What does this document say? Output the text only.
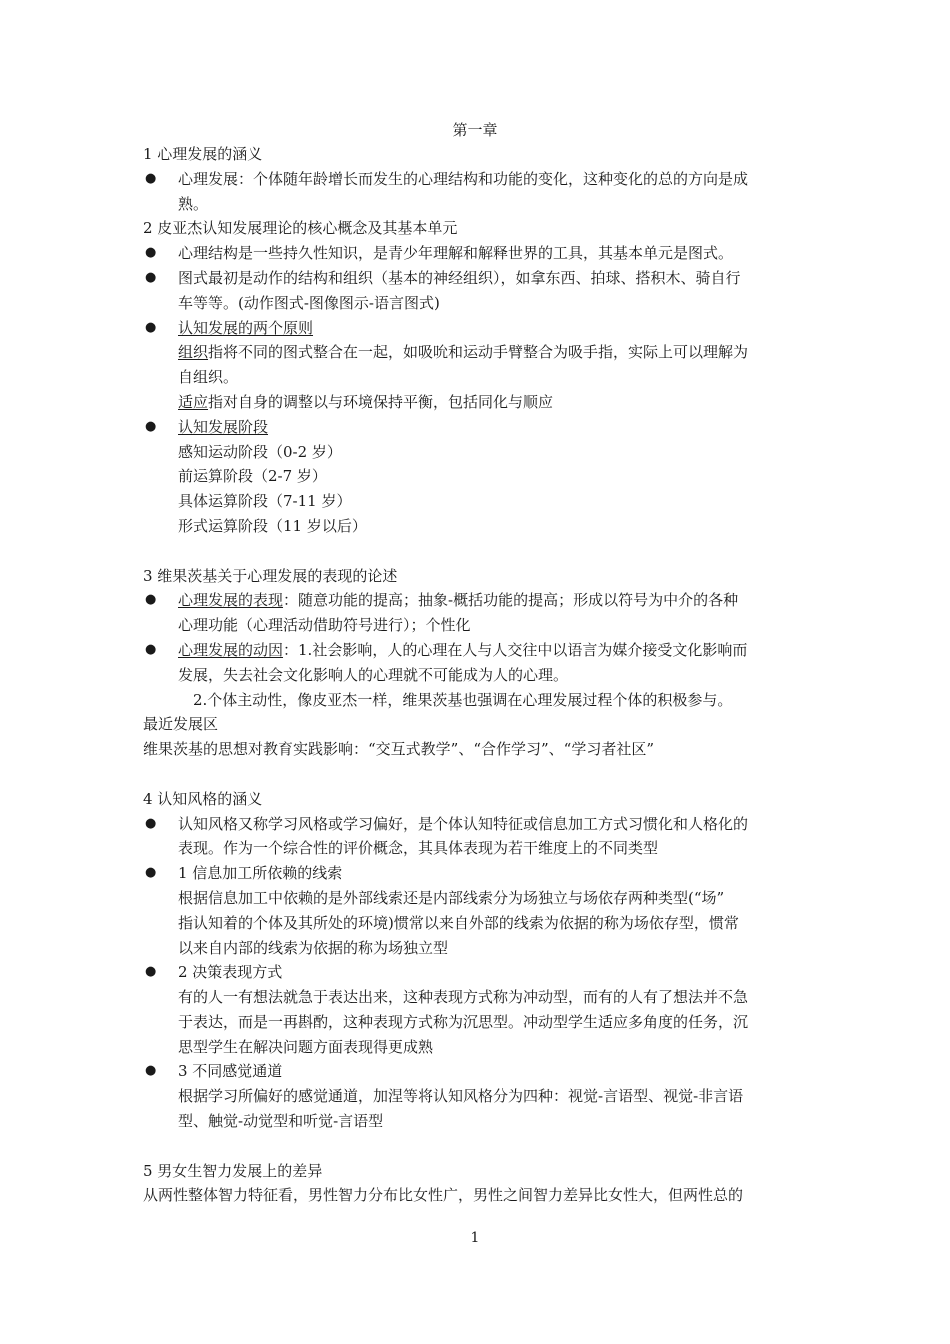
第一章
1 心理发展的涵义
● 心理发展：个体随年龄增长而发生的心理结构和功能的变化，这种变化的总的方向是成
熟。
2 皮亚杰认知发展理论的核心概念及其基本单元
● 心理结构是一些持久性知识，是青少年理解和解释世界的工具，其基本单元是图式。
● 图式最初是动作的结构和组织（基本的神经组织），如拿东西、拍球、搭积木、骑自行
车等等。(动作图式-图像图示-语言图式)
● 认知发展的两个原则
组织指将不同的图式整合在一起，如吸吮和运动手臂整合为吸手指，实际上可以理解为
自组织。
适应指对自身的调整以与环境保持平衡，包括同化与顺应
● 认知发展阶段
感知运动阶段（0-2 岁）
前运算阶段（2-7 岁）
具体运算阶段（7-11 岁）
形式运算阶段（11 岁以后）
3 维果茨基关于心理发展的表现的论述
● 心理发展的表现：随意功能的提高；抽象-概括功能的提高；形成以符号为中介的各种
心理功能（心理活动借助符号进行）；个性化
● 心理发展的动因：1.社会影响，人的心理在人与人交往中以语言为媒介接受文化影响而
发展，失去社会文化影响人的心理就不可能成为人的心理。
2.个体主动性，像皮亚杰一样，维果茨基也强调在心理发展过程个体的积极参与。
最近发展区
维果茨基的思想对教育实践影响：“交互式教学”、“合作学习”、“学习者社区”
4 认知风格的涵义
● 认知风格又称学习风格或学习偏好，是个体认知特征或信息加工方式习惯化和人格化的
表现。作为一个综合性的评价概念，其具体表现为若干维度上的不同类型
● 1 信息加工所依赖的线索
根据信息加工中依赖的是外部线索还是内部线索分为场独立与场依存两种类型(“场”
指认知着的个体及其所处的环境)惯常以来自外部的线索为依据的称为场依存型，惯常
以来自内部的线索为依据的称为场独立型
● 2 决策表现方式
有的人一有想法就急于表达出来，这种表现方式称为冲动型，而有的人有了想法并不急
于表达，而是一再斟酌，这种表现方式称为沉思型。冲动型学生适应多角度的任务，沉
思型学生在解决问题方面表现得更成熟
● 3 不同感觉通道
根据学习所偏好的感觉通道，加涅等将认知风格分为四种：视觉-言语型、视觉-非言语
型、触觉-动觉型和听觉-言语型
5 男女生智力发展上的差异
从两性整体智力特征看，男性智力分布比女性广，男性之间智力差异比女性大，但两性总的
1
